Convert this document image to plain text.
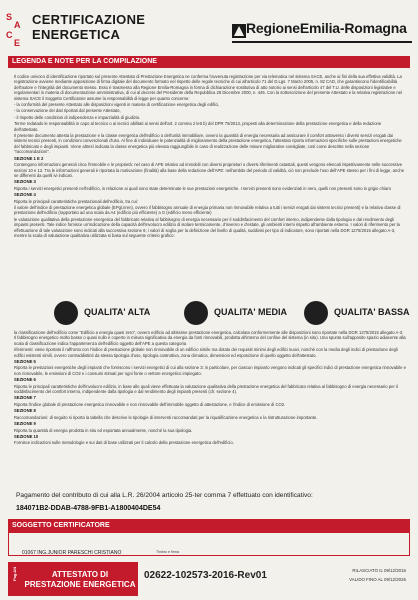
S
A
C
E
CERTIFICAZIONE
ENERGETICA	RegioneEmilia-Romagna
LEGENDA E NOTE PER LA COMPILAZIONE

Il codice univoco di identificazione riportato sul presente Attestato di Prestazione Energetica ne conferma l'avvenuta registrazione per via telematica nel sistema SACE, anche ai fini della sua effettiva validità. La registrazione avviene mediante apposizione di firma digitale del documento formato nel rispetto delle regole tecniche di cui all'articolo 71 del D.Lgs. 7 Marzo 2005, n. 82 CAD, che garantiscono l'identificabilità dell'autore e l'integrità del documento stesso. Esso è trasmesso alla Regione Emilia-Romagna in forma di dichiarazione sostitutiva di atto notorio ai sensi dell'articolo 47 del T.U. delle disposizioni legislative e regolamentari in materia di documentazione amministrativa, di cui al decreto del Presidente della Repubblica 28 Dicembre 2000, n. 445. Con la sottoscrizione del presente Attestato e la relativa registrazione nel sistema SACE il Soggetto Certificatore assume la responsabilità di legge per quanto concerne:

- la conformità del presente Attestato alle disposizioni vigenti in materia di certificazione energetica degli edifici,

- la conservazione dei dati riportati dal presente Attestato,

- il rispetto delle condizioni di indipendenza e imparzialità di giudizio.

Terme redatado le responsabilità in capo al tecnico o ai tecnici abilitati ai sensi dell'art. 2 comma 2 lett b) del DPR 75/2013, propesti alla determinazione della prestazione energetica e della redazione dell'attestato.

Il presente documento attesta la prestazione e la classe energetica dell'edificio o dell'unità immobiliare, ovvero la quantità di energia necessaria ad assicurare il comfort attraverso i diversi servizi erogati dai sistemi tecnici presenti, in condizioni convenzionali d'uso. Al fine di individuare le potenzialità di miglioramento della prestazione energetica, l'attestato riporta informazioni specifiche sulle prestazioni energetiche del fabbricato e degli impianti. Viene altresì indicata la classe energetica più elevata raggiungibile in caso di realizzazione delle misure migliorative consigliate, così come descritte nella sezione "raccomandazioni".

SEZIONE 1 E 2

Contengono informazioni generali circa l'immobile e le proprietà: nel caso di APE relativo ad immobili con diversi proprietari o diversi riferimenti catastali, questi vengono elencati rispettivamente nelle successive sezioni 10 e 12. Tra le informazioni generali è riportata la motivazione (finalità) alla base della redazione dell'APE: nell'ambito del periodo di validità, ciò non preclude l'uso dell'APE stesso per i fini di legge, anche se differenti da quelli ivi indicati.

SEZIONE 3

Riporta i servizi energetici presenti nell'edificio, in relazione ai quali sono state determinate le sue prestazioni energetiche. I servizi presenti sono evidenziati in nero, quelli non presenti sono in grigio chiaro

SEZIONE 4

Riporta le principali caratteristiche prestazionali dell'edificio, tra cui:

il valore dell'indice di prestazione energetica globale (EPgl,nren), ovvero il fabbisogno annuale di energia primaria non rinnovabile relativa a tutti i servizi erogati dai sistemi tecnici presenti) e la relativa classe di prestazione dell'edificio (rapportato ad una scala da A4 (edificio più efficiente) a G (edificio meno efficiente)

le valutazione qualitativa della prestazione energetica del fabbricato relativa al fabbisogno di energia necessario per il soddisfacimento del comfort interno, indipendente dalla tipologia e dal rendimento degli impianti presenti. Tale indice fornisce un'indicazione della capacità dell'involucro edilizio di isolare termicamente, d'inverno e d'estate, gli ambienti interni rispetto all'ambiente esterno. I valori di riferimento per la effettuazione di tale valutazione sono indicati alla successiva sezione 6; i valori di soglia per la definizione del livello di qualità, suddivisi per tipo di indicatore, sono riportati nella DGR 1275/2015 allegato A-3, mentre la scala di valutazione qualitativa utilizzata si basa sul seguente criterio grafico:

QUALITA' ALTA	QUALITA' MEDIA	QUALITA' BASSA

la classificazione dell'edificio come "Edificio a energia quasi zero", ovvero edificio ad altissime prestazione energetica, calcolata conformemente alle disposizioni sono riportate nella DGR 1275/2015 allegato A-3. Il fabbisogno energetico molto basso o quasi nullo è coperto in misura significativa da energia da fonti rinnovabili, prodotta all'interno del confine del sistema (in situ). Una spunta sull'apposito spazio adiacente alla scala di classificazione indica l'appartenenza dell'edificio oggetto dell'APE a questa categoria

riferimenti: viene riportato il raffronto con l'indice di prestazione globale non rinnovabile di un edificio simile ma dotato dei requisiti minimi degli edifici nuovi, nonché con la media degli indici di prestazione degli edifici esistenti simili, ovvero contraddistinti da stessa tipologia d'uso, tipologia costruttiva, zona climatica, dimensioni ed esposizione di quello oggetto dell'attestato.

SEZIONE 5

Riporta le prestazioni energetiche degli impianti che forniscono i servizi energetici di cui alla sezione 3: in particolare, per ciascun impianto vengono indicati gli specifici indici di prestazione energetica rinnovabile e non rinnovabile, le emissioni di CO2 e i consumi stimati per ogni fonte o vettore energetico impiegato.

SEZIONE 6

Riporta le principali caratteristiche dell'involucro edilizio, in base alle quali viene effettuata la valutazione qualitativa della prestazione energetica del fabbricato relativa al fabbisogno di energia necessario per il soddisfacimento del comfort interno, indipendente dalla tipologia e dal rendimento degli impianti presenti (cfr. sezione 4).

SEZIONE 7

Riporta l'indice globale di prestazione energetica rinnovabile e non rinnovabile dell'immobile oggetto di attestazione, e l'indice di emissione di CO2.

SEZIONE 8

Raccomandazioni: di seguito si riporta la tabella che descrive le tipologie di interventi raccomandati per la riqualificazione energetica e la ristrutturazione importante.

SEZIONE 9

Riporta la quantità di energia prodotta in situ ed esportata annualmente, nonché la sua tipologia.

SEZIONE 10

Fornisce indicazioni sulle metodologie e sui dati di base utilizzati per il calcolo della prestazione energetica dell'edificio.

Pagamento del contributo di cui alla L.R. 26/2004 articolo 25-ter comma 7 effettuato con identificativo:
184071B2-DDAB-4788-9FB1-A1800404DE54
SOGGETTO CERTIFICATORE
01067 ING.JUNIOR PARESCHI CRISTIANO	Timbro e firma
Pag.4/4	ATTESTATO DI
PRESTAZIONE ENERGETICA
02622-102573-2016-Rev01	RILASCIATO IL 09/12/2016
VALIDO FINO AL 09/12/2026
